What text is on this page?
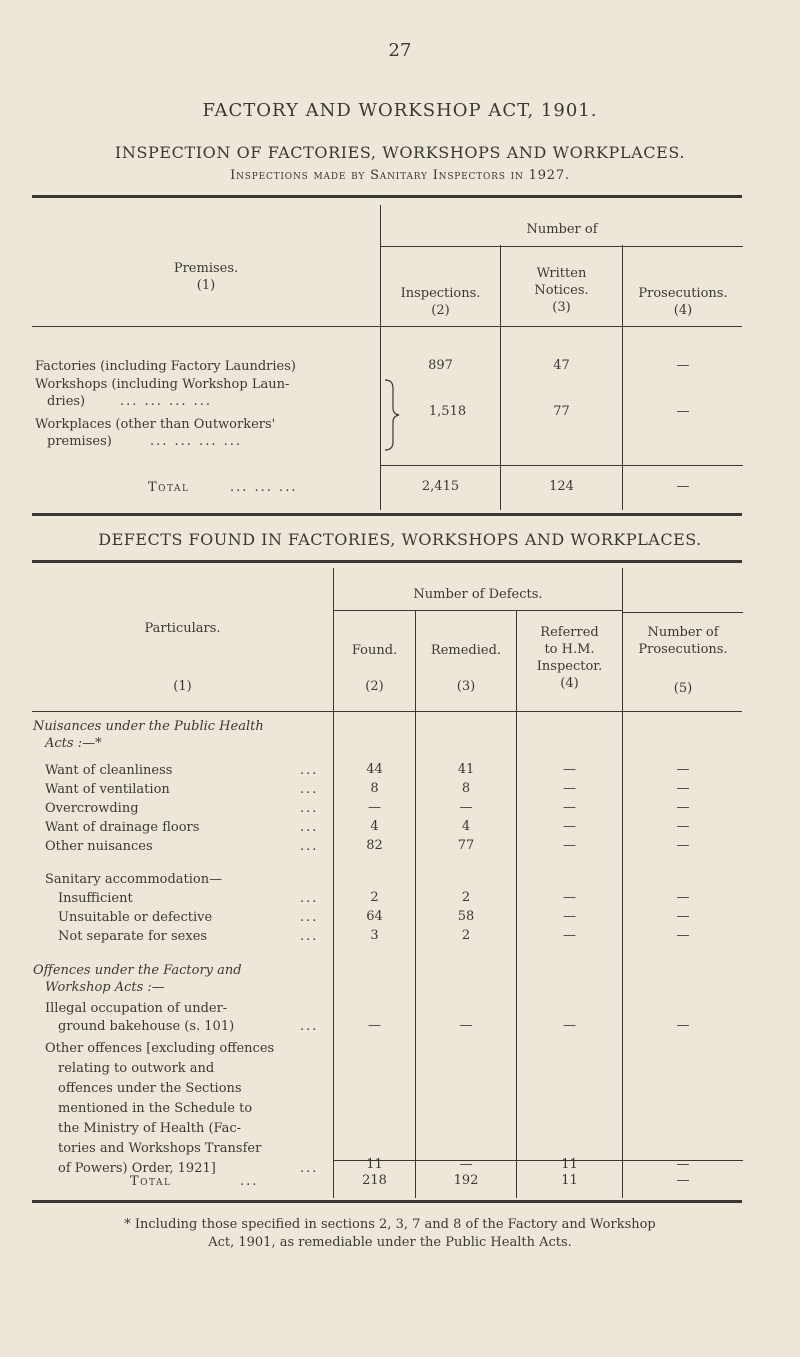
27
FACTORY AND WORKSHOP ACT, 1901.
INSPECTION OF FACTORIES, WORKSHOPS AND WORKPLACES.
Inspections made by Sanitary Inspectors in 1927.
Premises.
(1)
Number of
Inspections.
(2)
Written
Notices.
(3)
Prosecutions.
(4)
Factories (including Factory Laundries)	897	47	—
Workshops (including Workshop Laun-
dries)	... ... ... ...
Workplaces (other than Outworkers'
premises)	... ... ... ...
1,518	77	—
Total	... ... ...	2,415	124	—
DEFECTS FOUND IN FACTORIES, WORKSHOPS AND WORKPLACES.
Particulars.
(1)
Number of Defects.
Found.
(2)
Remedied.
(3)
Referred
to H.M.
Inspector.
(4)
Number of
Prosecutions.
(5)
Nuisances under the Public Health
Acts :—*
Want of cleanliness	...	44	41	—	—
Want of ventilation	...	8	8	—	—
Overcrowding	...	—	—	—	—
Want of drainage floors	...	4	4	—	—
Other nuisances	...	82	77	—	—
Insufficient	...	2	2	—	—
Unsuitable or defective	...	64	58	—	—
Not separate for sexes	...	3	2	—	—
Sanitary accommodation—
Offences under the Factory and
Workshop Acts :—
Illegal occupation of under-
ground bakehouse (s. 101)	...	—	—	—	—
Other offences [excluding offences
relating to outwork and
offences under the Sections
mentioned in the Schedule to
the Ministry of Health (Fac-
tories and Workshops Transfer
of Powers) Order, 1921]	...	11	—	11	—
Total	...	218	192	11	—
* Including those specified in sections 2, 3, 7 and 8 of the Factory and Workshop
Act, 1901, as remediable under the Public Health Acts.
